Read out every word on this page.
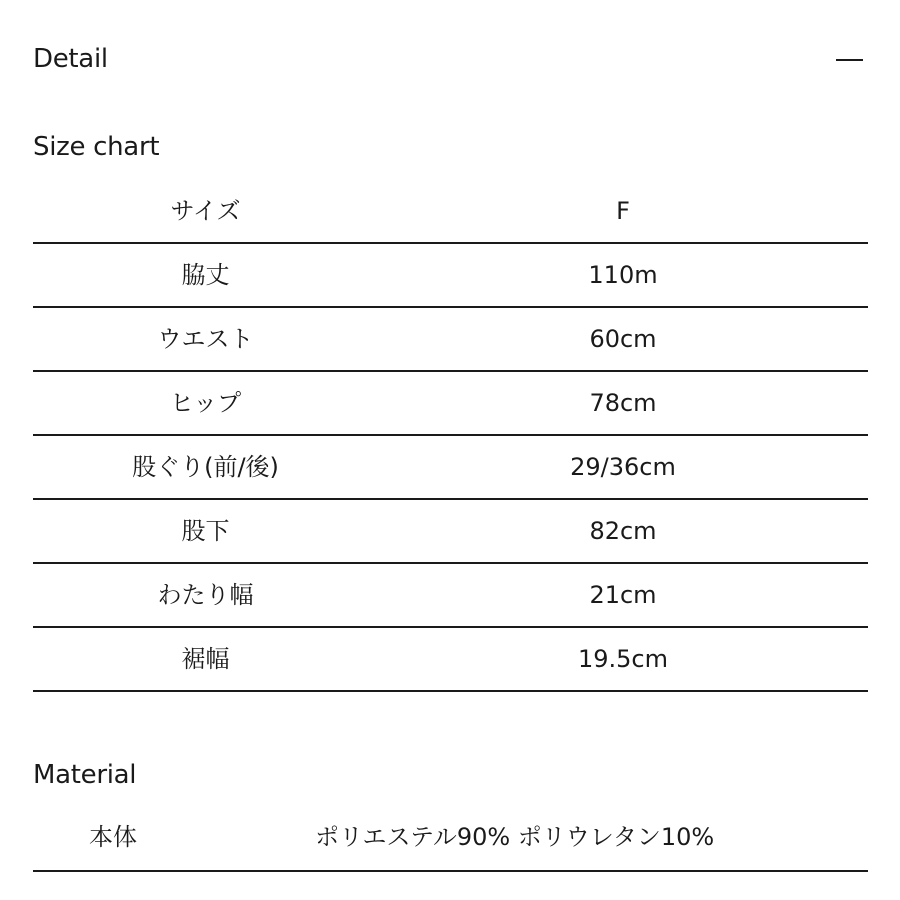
Detail
Size chart
サイズ	F
脇丈	110m
ウエスト	60cm
ヒップ	78cm
股ぐり(前/後)	29/36cm
股下	82cm
わたり幅	21cm
裾幅	19.5cm
Material
本体	ポリエステル90% ポリウレタン10%
